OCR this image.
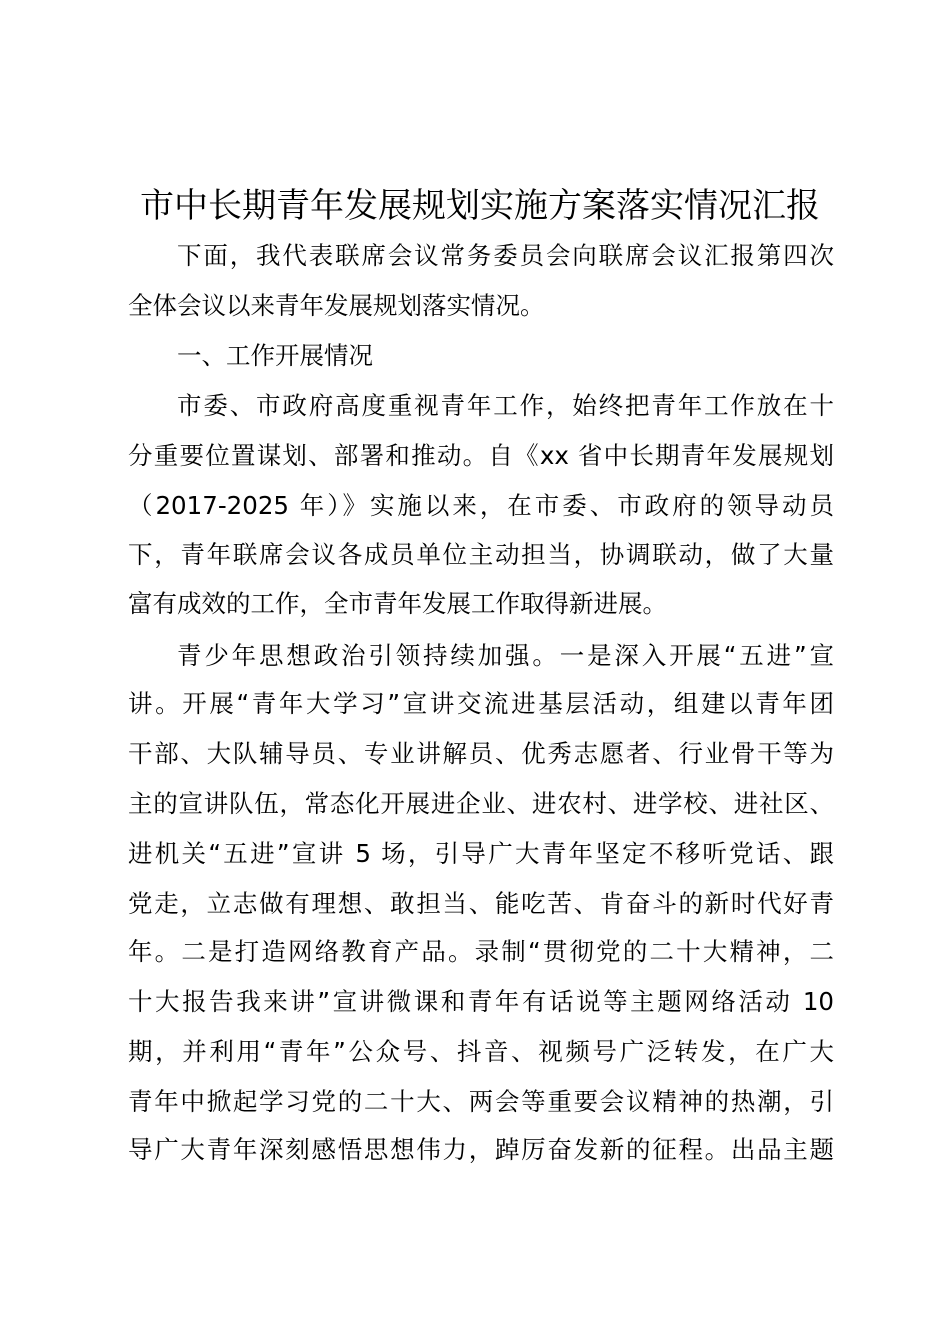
市中长期青年发展规划实施方案落实情况汇报

下面，我代表联席会议常务委员会向联席会议汇报第四次

全体会议以来青年发展规划落实情况。

一、工作开展情况

市委、市政府高度重视青年工作，始终把青年工作放在十

分重要位置谋划、部署和推动。自《xx 省中长期青年发展规划

（2017-2025 年）》实施以来，在市委、市政府的领导动员

下，青年联席会议各成员单位主动担当，协调联动，做了大量

富有成效的工作，全市青年发展工作取得新进展。

青少年思想政治引领持续加强。一是深入开展“五进”宣

讲。开展“青年大学习”宣讲交流进基层活动，组建以青年团

干部、大队辅导员、专业讲解员、优秀志愿者、行业骨干等为

主的宣讲队伍，常态化开展进企业、进农村、进学校、进社区、

进机关“五进”宣讲 5 场，引导广大青年坚定不移听党话、跟

党走，立志做有理想、敢担当、能吃苦、肯奋斗的新时代好青

年。二是打造网络教育产品。录制“贯彻党的二十大精神，二

十大报告我来讲”宣讲微课和青年有话说等主题网络活动 10

期，并利用“青年”公众号、抖音、视频号广泛转发，在广大

青年中掀起学习党的二十大、两会等重要会议精神的热潮，引

导广大青年深刻感悟思想伟力，踔厉奋发新的征程。出品主题
